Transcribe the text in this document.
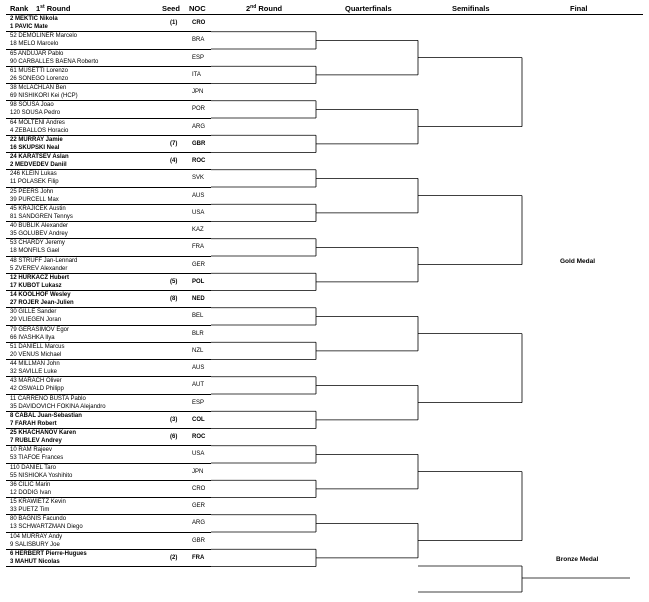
Rank 1st Round	Seed NOC	2nd Round	Quarterfinals	Semifinals	Final
2 MEKTIC Nikola
1 PAVIC Mate
(1) CRO
52 DEMOLINER Marcelo
18 MELO Marcelo
BRA
65 ANDUJAR Pablo
90 CARBALLES BAENA Roberto
ESP
61 MUSETTI Lorenzo
26 SONEGO Lorenzo
ITA
38 McLACHLAN Ben
69 NISHIKORI Kei (HCP)
JPN
98 SOUSA Joao
120 SOUSA Pedro
POR
64 MOLTENI Andres
4 ZEBALLOS Horacio
ARG
22 MURRAY Jamie
16 SKUPSKI Neal
(7) GBR
24 KARATSEV Aslan
2 MEDVEDEV Daniil
(4) ROC
246 KLEIN Lukas
11 POLASEK Filip
SVK
25 PEERS John
39 PURCELL Max
AUS
45 KRAJICEK Austin
81 SANDGREN Tennys
USA
40 BUBLIK Alexander
35 GOLUBEV Andrey
KAZ
53 CHARDY Jeremy
18 MONFILS Gael
FRA
48 STRUFF Jan-Lennard
5 ZVEREV Alexander
GER
12 HURKACZ Hubert
17 KUBOT Lukasz
(5) POL
14 KOOLHOF Wesley
27 ROJER Jean-Julien
(8) NED
30 GILLE Sander
29 VLIEGEN Joran
BEL
79 GERASIMOV Egor
66 IVASHKA Ilya
BLR
51 DANIELL Marcus
20 VENUS Michael
NZL
44 MILLMAN John
32 SAVILLE Luke
AUS
43 MARACH Oliver
42 OSWALD Philipp
AUT
11 CARRENO BUSTA Pablo
35 DAVIDOVICH FOKINA Alejandro
ESP
8 CABAL Juan-Sebastian
7 FARAH Robert
(3) COL
25 KHACHANOV Karen
7 RUBLEV Andrey
(6) ROC
10 RAM Rajeev
53 TIAFOE Frances
USA
110 DANIEL Taro
55 NISHIOKA Yoshihito
JPN
36 CILIC Marin
12 DODIG Ivan
CRO
15 KRAWIETZ Kevin
33 PUETZ Tim
GER
80 BAGNIS Facundo
13 SCHWARTZMAN Diego
ARG
104 MURRAY Andy
9 SALISBURY Joe
GBR
6 HERBERT Pierre-Hugues
3 MAHUT Nicolas
(2) FRA
Gold Medal
Bronze Medal
